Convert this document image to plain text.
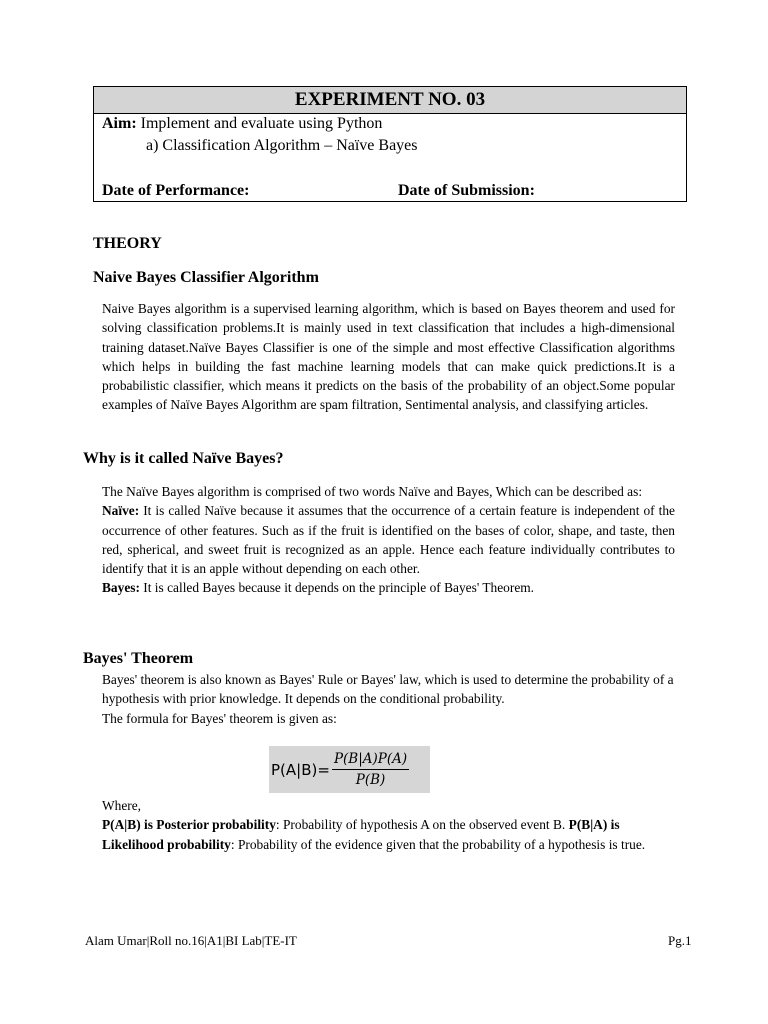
EXPERIMENT NO. 03
Aim: Implement and evaluate using Python
a) Classification Algorithm – Naïve Bayes
Date of Performance:	Date of Submission:
THEORY
Naive Bayes Classifier Algorithm
Naive Bayes algorithm is a supervised learning algorithm, which is based on Bayes theorem and used for solving classification problems.It is mainly used in text classification that includes a high-dimensional training dataset.Naïve Bayes Classifier is one of the simple and most effective Classification algorithms which helps in building the fast machine learning models that can make quick predictions.It is a probabilistic classifier, which means it predicts on the basis of the probability of an object.Some popular examples of Naïve Bayes Algorithm are spam filtration, Sentimental analysis, and classifying articles.
Why is it called Naïve Bayes?

The Naïve Bayes algorithm is comprised of two words Naïve and Bayes, Which can be described as:

Naïve: It is called Naïve because it assumes that the occurrence of a certain feature is independent of the occurrence of other features. Such as if the fruit is identified on the bases of color, shape, and taste, then red, spherical, and sweet fruit is recognized as an apple. Hence each feature individually contributes to identify that it is an apple without depending on each other.

Bayes: It is called Bayes because it depends on the principle of Bayes' Theorem.

Bayes' Theorem

Bayes' theorem is also known as Bayes' Rule or Bayes' law, which is used to determine the probability of a hypothesis with prior knowledge. It depends on the conditional probability.

The formula for Bayes' theorem is given as:

$P(A|B)= \frac{P(B|A)P(A)}{P(B)}$

Where,

P(A|B) is Posterior probability: Probability of hypothesis A on the observed event B. P(B|A) is Likelihood probability: Probability of the evidence given that the probability of a hypothesis is true.

Alam Umar|Roll no.16|A1|BI Lab|TE-IT	Pg.1
